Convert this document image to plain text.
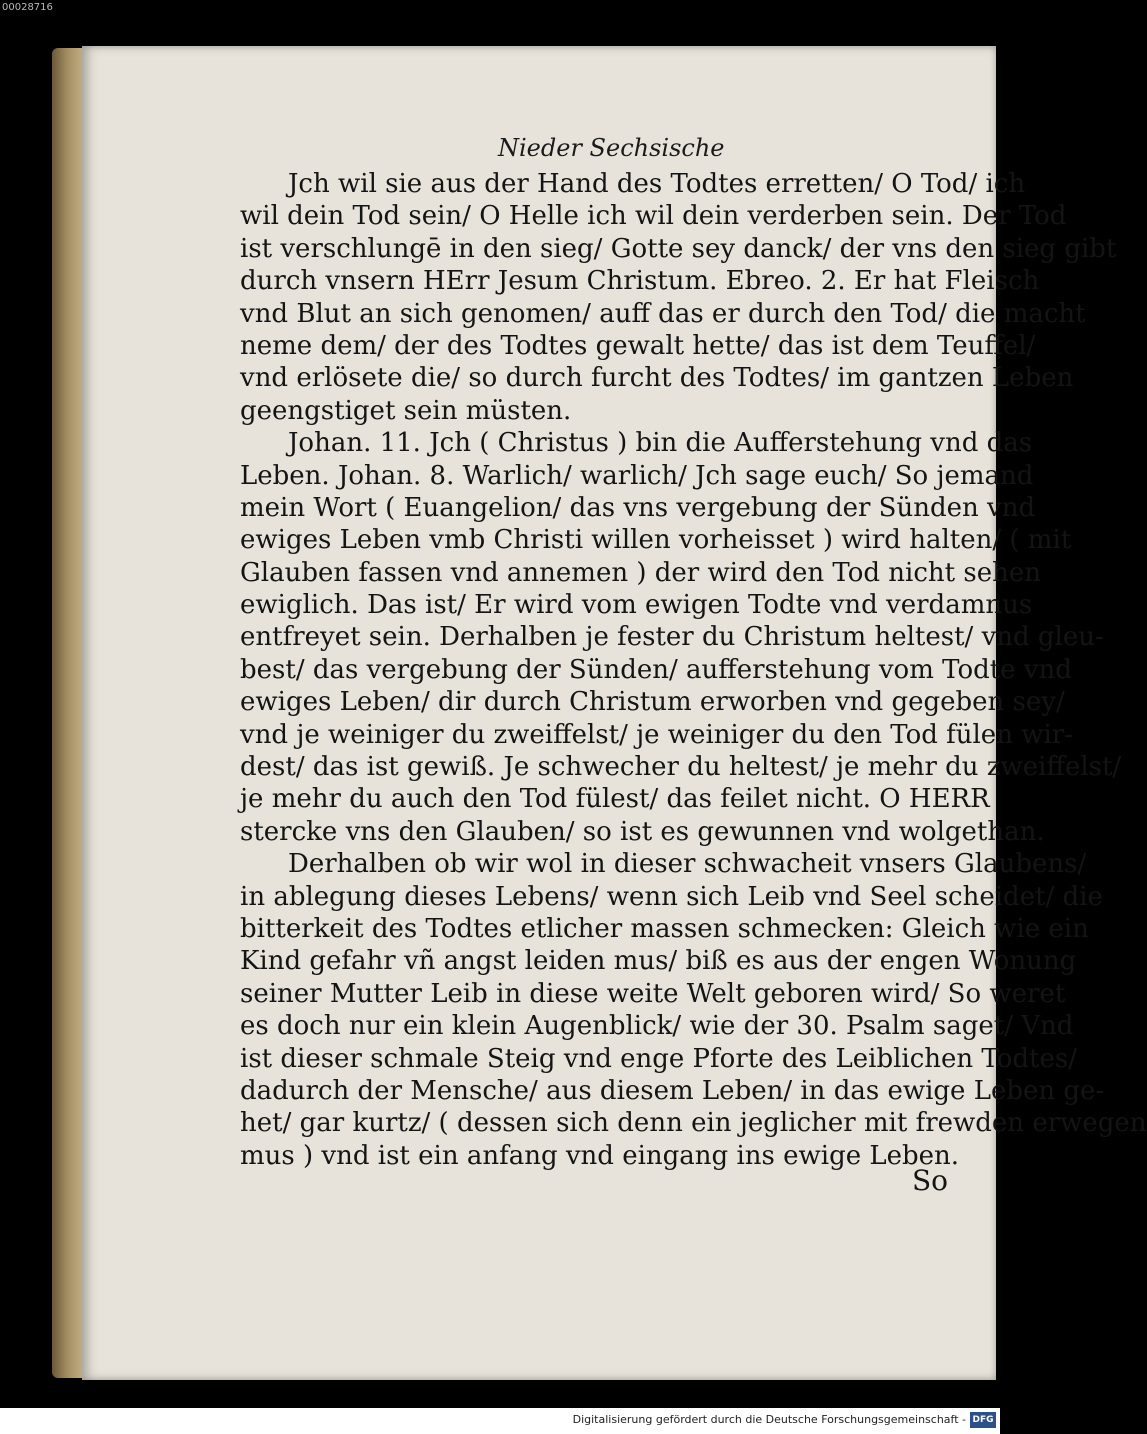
00028716
Nieder Sechsische
Jch wil sie aus der Hand des Todtes erretten/ O Tod/ ich
wil dein Tod sein/ O Helle ich wil dein verderben sein. Der Tod
ist verschlungē in den sieg/ Gotte sey danck/ der vns den sieg gibt
durch vnsern HErr Jesum Christum. Ebreo. 2. Er hat Fleisch
vnd Blut an sich genomen/ auff das er durch den Tod/ die macht
neme dem/ der des Todtes gewalt hette/ das ist dem Teuffel/
vnd erlösete die/ so durch furcht des Todtes/ im gantzen Leben
geengstiget sein müsten.
Johan. 11. Jch ( Christus ) bin die Aufferstehung vnd das
Leben. Johan. 8. Warlich/ warlich/ Jch sage euch/ So jemand
mein Wort ( Euangelion/ das vns vergebung der Sünden vnd
ewiges Leben vmb Christi willen vorheisset ) wird halten/ ( mit
Glauben fassen vnd annemen ) der wird den Tod nicht sehen
ewiglich. Das ist/ Er wird vom ewigen Todte vnd verdamnus
entfreyet sein. Derhalben je fester du Christum heltest/ vnd gleu-
best/ das vergebung der Sünden/ aufferstehung vom Todte vnd
ewiges Leben/ dir durch Christum erworben vnd gegeben sey/
vnd je weiniger du zweiffelst/ je weiniger du den Tod fülen wir-
dest/ das ist gewiß. Je schwecher du heltest/ je mehr du zweiffelst/
je mehr du auch den Tod fülest/ das feilet nicht. O HERR
stercke vns den Glauben/ so ist es gewunnen vnd wolgethan.
Derhalben ob wir wol in dieser schwacheit vnsers Glaubens/
in ablegung dieses Lebens/ wenn sich Leib vnd Seel scheidet/ die
bitterkeit des Todtes etlicher massen schmecken: Gleich wie ein
Kind gefahr vñ angst leiden mus/ biß es aus der engen Wonung
seiner Mutter Leib in diese weite Welt geboren wird/ So weret
es doch nur ein klein Augenblick/ wie der 30. Psalm saget/ Vnd
ist dieser schmale Steig vnd enge Pforte des Leiblichen Todtes/
dadurch der Mensche/ aus diesem Leben/ in das ewige Leben ge-
het/ gar kurtz/ ( dessen sich denn ein jeglicher mit frewden erwegen
mus ) vnd ist ein anfang vnd eingang ins ewige Leben.
So
Digitalisierung gefördert durch die Deutsche Forschungsgemeinschaft - DFG
